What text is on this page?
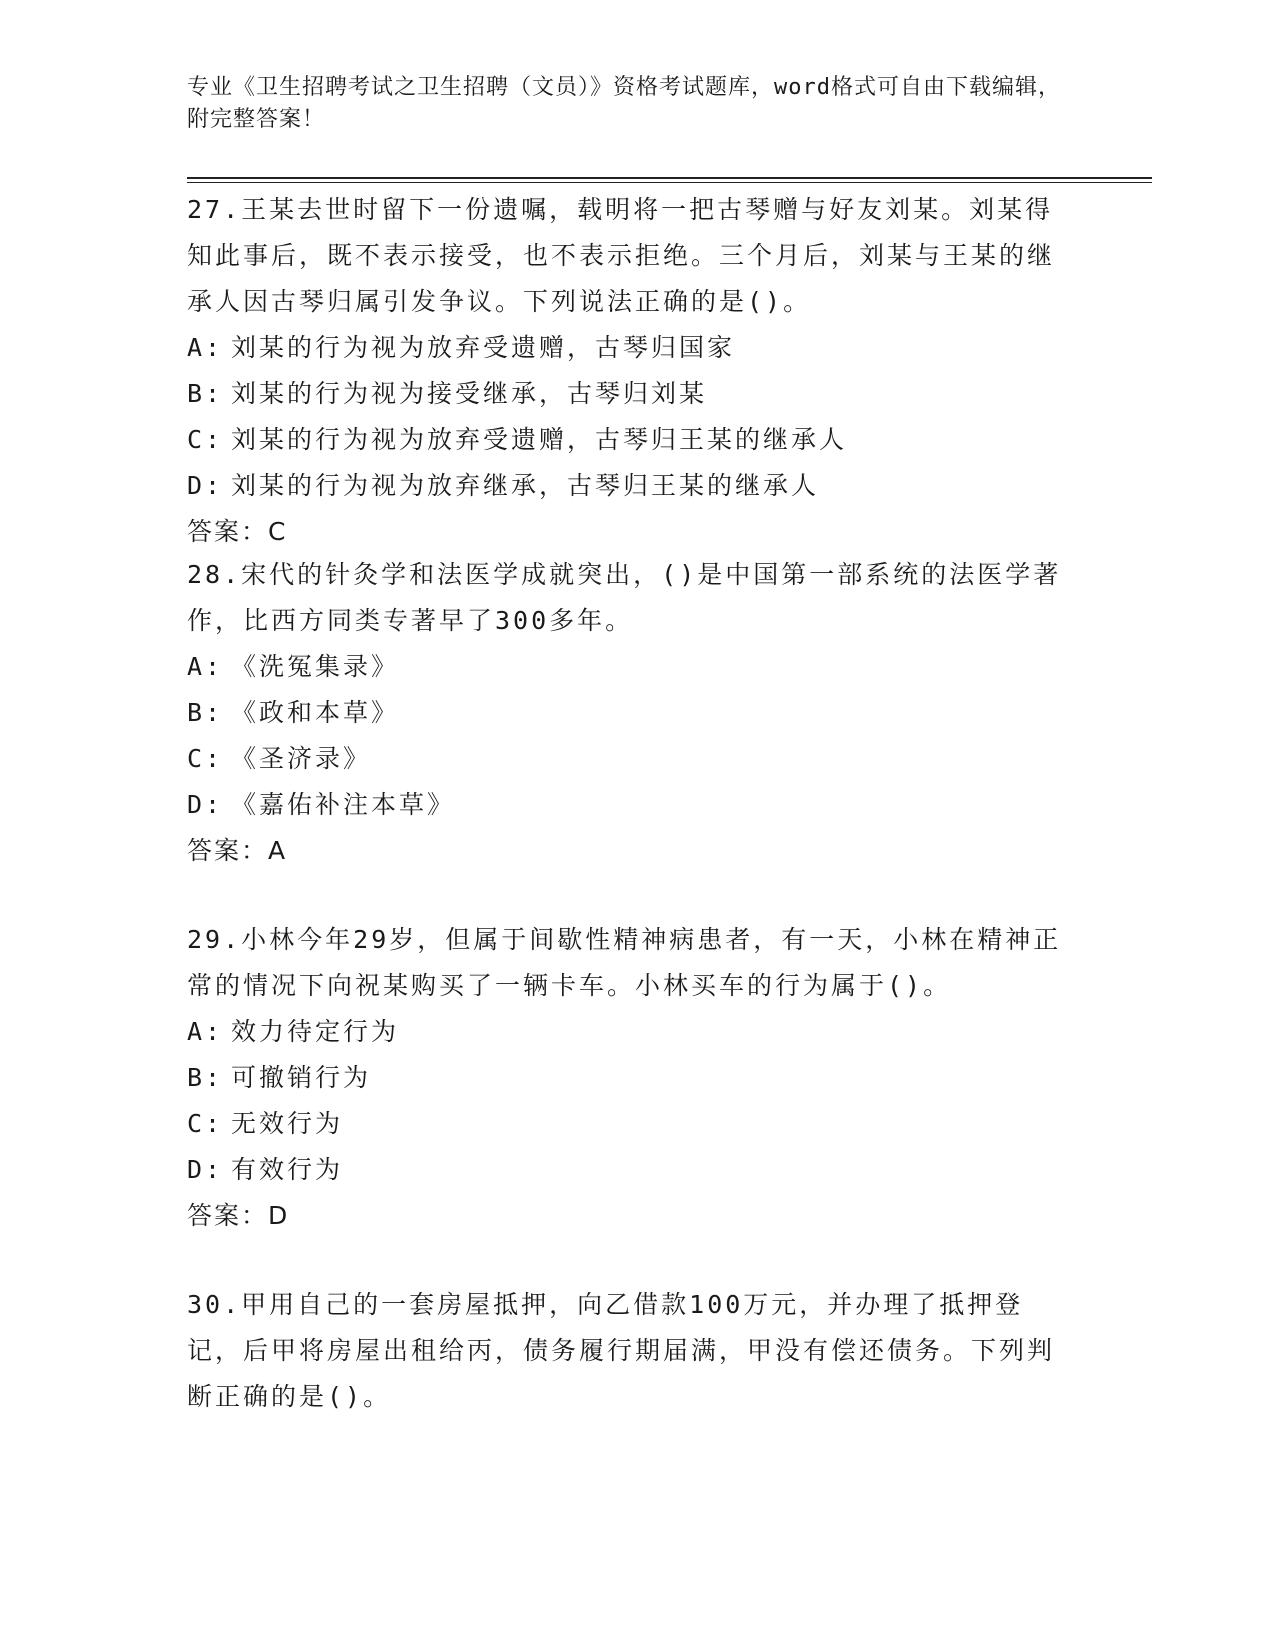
专业《卫生招聘考试之卫生招聘（文员）》资格考试题库，word格式可自由下载编辑，附完整答案！

27.王某去世时留下一份遗嘱，载明将一把古琴赠与好友刘某。刘某得知此事后，既不表示接受，也不表示拒绝。三个月后，刘某与王某的继承人因古琴归属引发争议。下列说法正确的是()。

A: 刘某的行为视为放弃受遗赠，古琴归国家

B: 刘某的行为视为接受继承，古琴归刘某

C: 刘某的行为视为放弃受遗赠，古琴归王某的继承人

D: 刘某的行为视为放弃继承，古琴归王某的继承人

答案：C

28.宋代的针灸学和法医学成就突出，()是中国第一部系统的法医学著作，比西方同类专著早了300多年。

A: 《洗冤集录》

B: 《政和本草》

C: 《圣济录》

D: 《嘉佑补注本草》

答案：A

29.小林今年29岁，但属于间歇性精神病患者，有一天，小林在精神正常的情况下向祝某购买了一辆卡车。小林买车的行为属于()。

A: 效力待定行为

B: 可撤销行为

C: 无效行为

D: 有效行为

答案：D

30.甲用自己的一套房屋抵押，向乙借款100万元，并办理了抵押登记，后甲将房屋出租给丙，债务履行期届满，甲没有偿还债务。下列判断正确的是()。
